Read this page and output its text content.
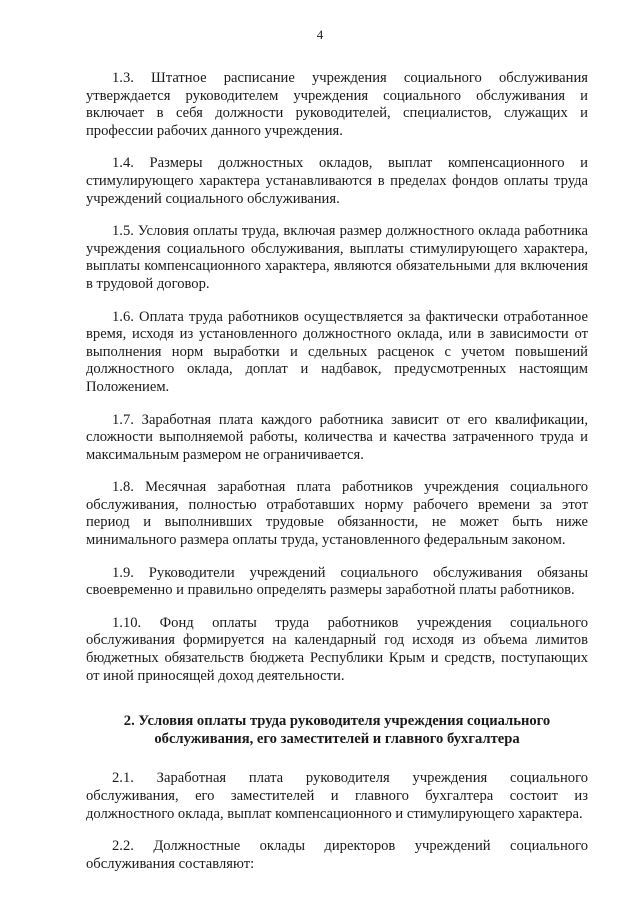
4

1.3. Штатное расписание учреждения социального обслуживания утверждается руководителем учреждения социального обслуживания и включает в себя должности руководителей, специалистов, служащих и профессии рабочих данного учреждения.

1.4. Размеры должностных окладов, выплат компенсационного и стимулирующего характера устанавливаются в пределах фондов оплаты труда учреждений социального обслуживания.

1.5. Условия оплаты труда, включая размер должностного оклада работника учреждения социального обслуживания, выплаты стимулирующего характера, выплаты компенсационного характера, являются обязательными для включения в трудовой договор.

1.6. Оплата труда работников осуществляется за фактически отработанное время, исходя из установленного должностного оклада, или в зависимости от выполнения норм выработки и сдельных расценок с учетом повышений должностного оклада, доплат и надбавок, предусмотренных настоящим Положением.

1.7. Заработная плата каждого работника зависит от его квалификации, сложности выполняемой работы, количества и качества затраченного труда и максимальным размером не ограничивается.

1.8. Месячная заработная плата работников учреждения социального обслуживания, полностью отработавших норму рабочего времени за этот период и выполнивших трудовые обязанности, не может быть ниже минимального размера оплаты труда, установленного федеральным законом.

1.9. Руководители учреждений социального обслуживания обязаны своевременно и правильно определять размеры заработной платы работников.

1.10. Фонд оплаты труда работников учреждения социального обслуживания формируется на календарный год исходя из объема лимитов бюджетных обязательств бюджета Республики Крым и средств, поступающих от иной приносящей доход деятельности.

2. Условия оплаты труда руководителя учреждения социального обслуживания, его заместителей и главного бухгалтера

2.1. Заработная плата руководителя учреждения социального обслуживания, его заместителей и главного бухгалтера состоит из должностного оклада, выплат компенсационного и стимулирующего характера.

2.2. Должностные оклады директоров учреждений социального обслуживания составляют:
